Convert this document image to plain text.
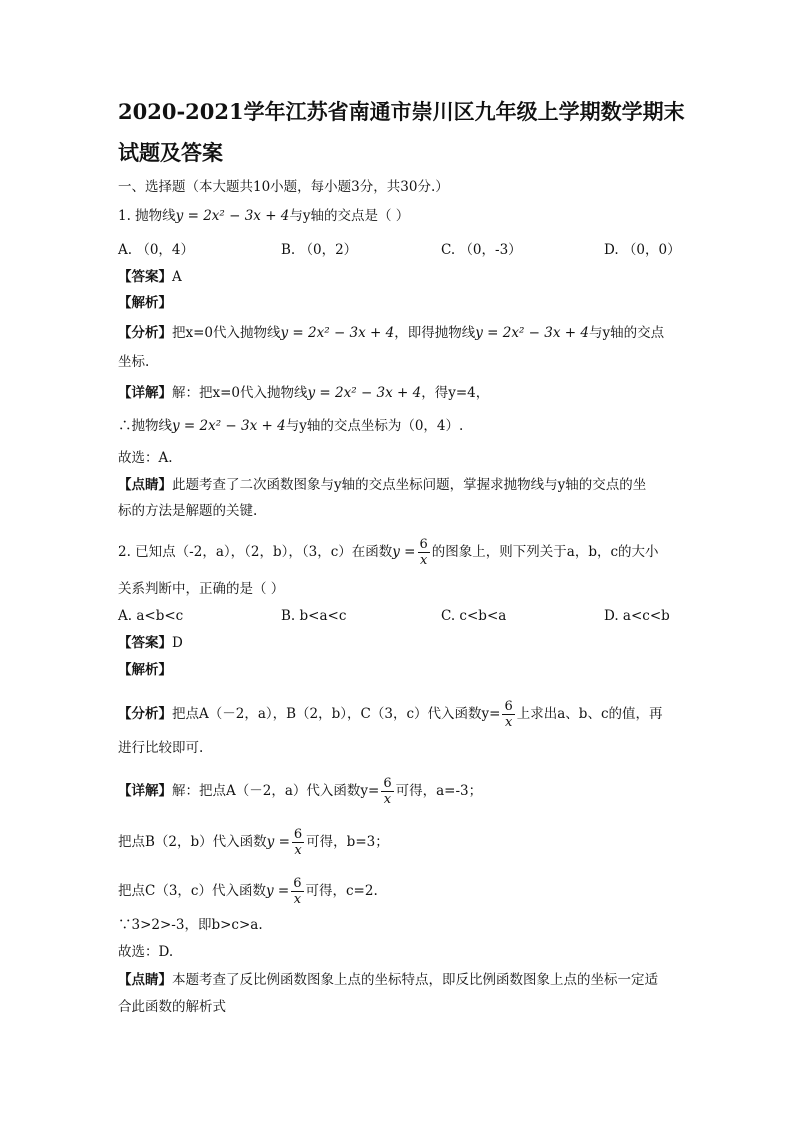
2020-2021学年江苏省南通市崇川区九年级上学期数学期末
试题及答案
一、选择题（本大题共10小题，每小题3分，共30分.）
1. 抛物线y = 2x² − 3x + 4与y轴的交点是（ ）
A. （0，4）	B. （0，2）	C. （0，-3）	D. （0，0）
【答案】A
【解析】
【分析】把x=0代入抛物线y = 2x² − 3x + 4，即得抛物线y = 2x² − 3x + 4与y轴的交点
坐标.
【详解】解：把x=0代入抛物线y = 2x² − 3x + 4，得y=4，
∴抛物线y = 2x² − 3x + 4与y轴的交点坐标为（0，4）.
故选：A.
【点睛】此题考查了二次函数图象与y轴的交点坐标问题，掌握求抛物线与y轴的交点的坐
标的方法是解题的关键.
2. 已知点（-2，a），（2，b），（3，c）在函数$y = \frac{6}{x}$ 的图象上，则下列关于a，b，c的大小
关系判断中，正确的是（ ）
A. a<b<c	B. b<a<c	C. c<b<a	D. a<c<b
【答案】D
【解析】
【分析】把点A（－2，a），B（2，b），C（3，c）代入函数$y= \frac{6}{x}$ 上求出a、b、c的值，再
进行比较即可.
【详解】解：把点A（－2，a）代入函数$y= \frac{6}{x}$ 可得，a=-3；
把点B（2，b）代入函数$y = \frac{6}{x}$ 可得，b=3；
把点C（3，c）代入函数$y = \frac{6}{x}$ 可得，c=2.
∵3>2>-3，即b>c>a.
故选：D.
【点睛】本题考查了反比例函数图象上点的坐标特点，即反比例函数图象上点的坐标一定适
合此函数的解析式
